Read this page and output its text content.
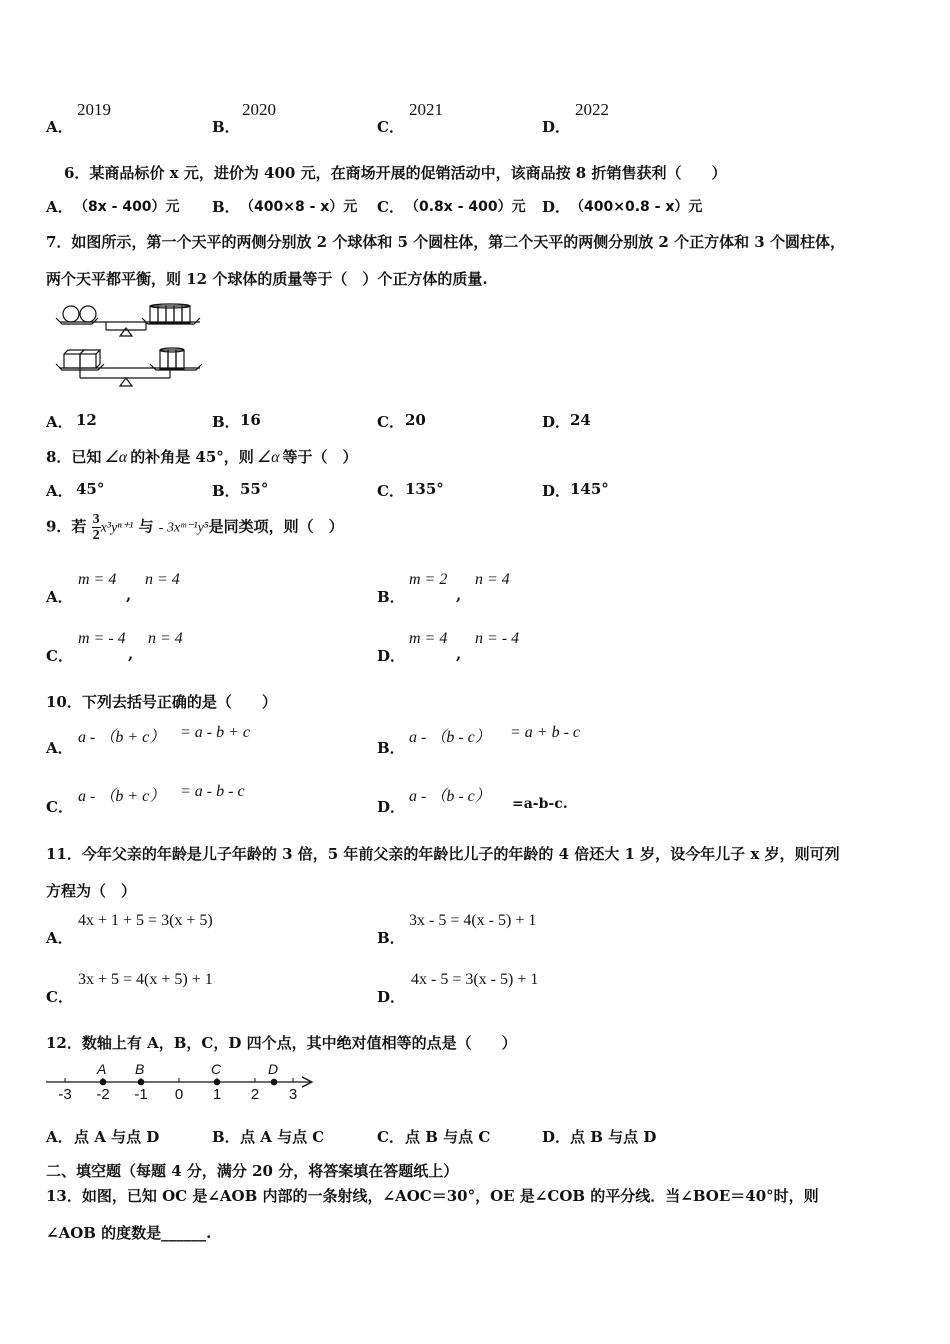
A．
2019
B．
2020
C．
2021
D．
2022
6．某商品标价 x 元，进价为 400 元，在商场开展的促销活动中，该商品按 8 折销售获利（　　）
A． （8x - 400）元 B． （400×8 - x）元 C． （0.8x - 400）元 D． （400×0.8 - x）元
7．如图所示，第一个天平的两侧分别放 2 个球体和 5 个圆柱体，第二个天平的两侧分别放 2 个正方体和 3 个圆柱体，
两个天平都平衡，则 12 个球体的质量等于（　）个正方体的质量.
A． 12	B． 16	C． 20	D． 24
8．已知 ∠α 的补角是 45°，则 ∠α 等于（　）
A． 45°	B． 55°	C． 135°	D． 145°
9．若 $\frac{3}{2} x^3y^{n+1}$ 与 - 3xᵐ⁻¹y⁵是同类项，则（　）
A．
m = 4
,
n = 4
B．
m = 2
,
n = 4
C．
m = - 4
,
n = 4
D．
m = 4
,
n = - 4
10．下列去括号正确的是（　　）
A．
a - （b + c） = a - b + c
B．
a - （b - c） = a + b - c
C．
a - （b + c） = a - b - c
D．
a - （b - c） =a-b-c.
11．今年父亲的年龄是儿子年龄的 3 倍，5 年前父亲的年龄比儿子的年龄的 4 倍还大 1 岁，设今年儿子 x 岁，则可列
方程为（　）
A．
4x + 1 + 5 = 3(x + 5)
B．
3x - 5 = 4(x - 5) + 1
C．
3x + 5 = 4(x + 5) + 1
D．
4x - 5 = 3(x - 5) + 1
12．数轴上有 A，B，C，D 四个点，其中绝对值相等的点是（　　）
-3 -2 -1 0 1 2 3
A B	C	D
A． 点 A 与点 D	B． 点 A 与点 C	C． 点 B 与点 C	D． 点 B 与点 D
二、填空题（每题 4 分，满分 20 分，将答案填在答题纸上）
13．如图，已知 OC 是∠AOB 内部的一条射线，∠AOC＝30°，OE 是∠COB 的平分线．当∠BOE＝40°时，则
∠AOB 的度数是______.
